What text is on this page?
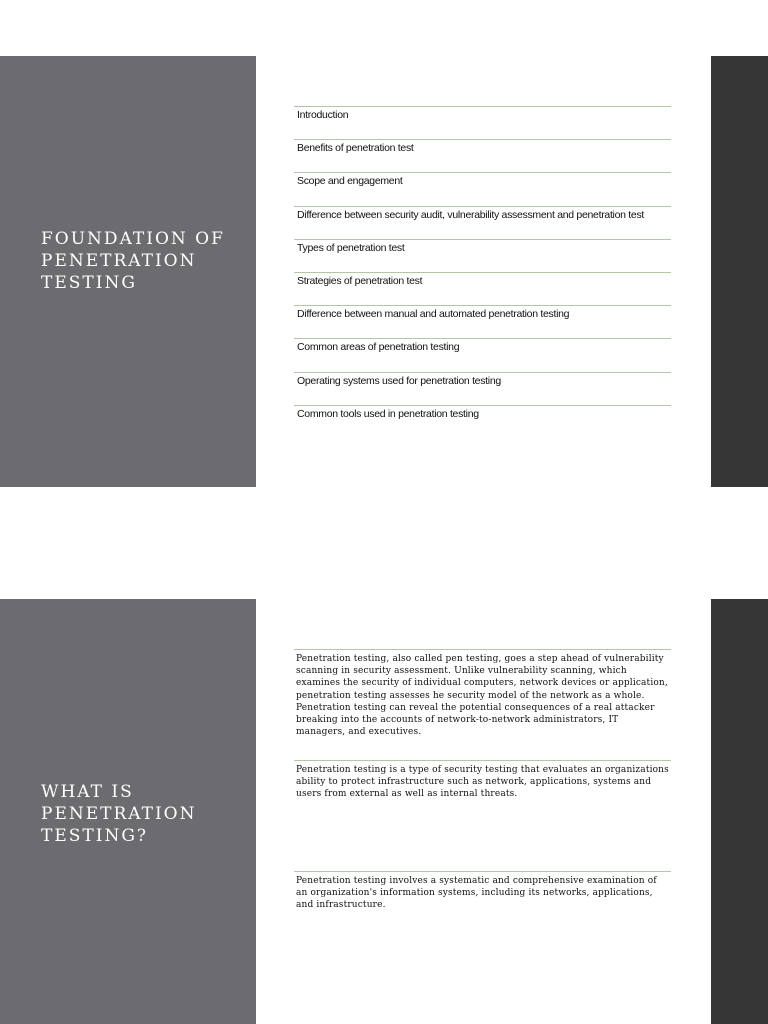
FOUNDATION OF PENETRATION TESTING
Introduction
Benefits of penetration test
Scope and engagement
Difference between security audit, vulnerability assessment and penetration test
Types of penetration test
Strategies of penetration test
Difference between manual and automated penetration testing
Common areas of penetration testing
Operating systems used for penetration testing
Common tools used in penetration testing
WHAT IS PENETRATION TESTING?

Penetration testing, also called pen testing, goes a step ahead of vulnerability scanning in security assessment. Unlike vulnerability scanning, which examines the security of individual computers, network devices or application, penetration testing assesses he security model of the network as a whole. Penetration testing can reveal the potential consequences of a real attacker breaking into the accounts of network-to-network administrators, IT managers, and executives.

Penetration testing is a type of security testing that evaluates an organizations ability to protect infrastructure such as network, applications, systems and users from external as well as internal threats.

Penetration testing involves a systematic and comprehensive examination of an organization's information systems, including its networks, applications, and infrastructure.
